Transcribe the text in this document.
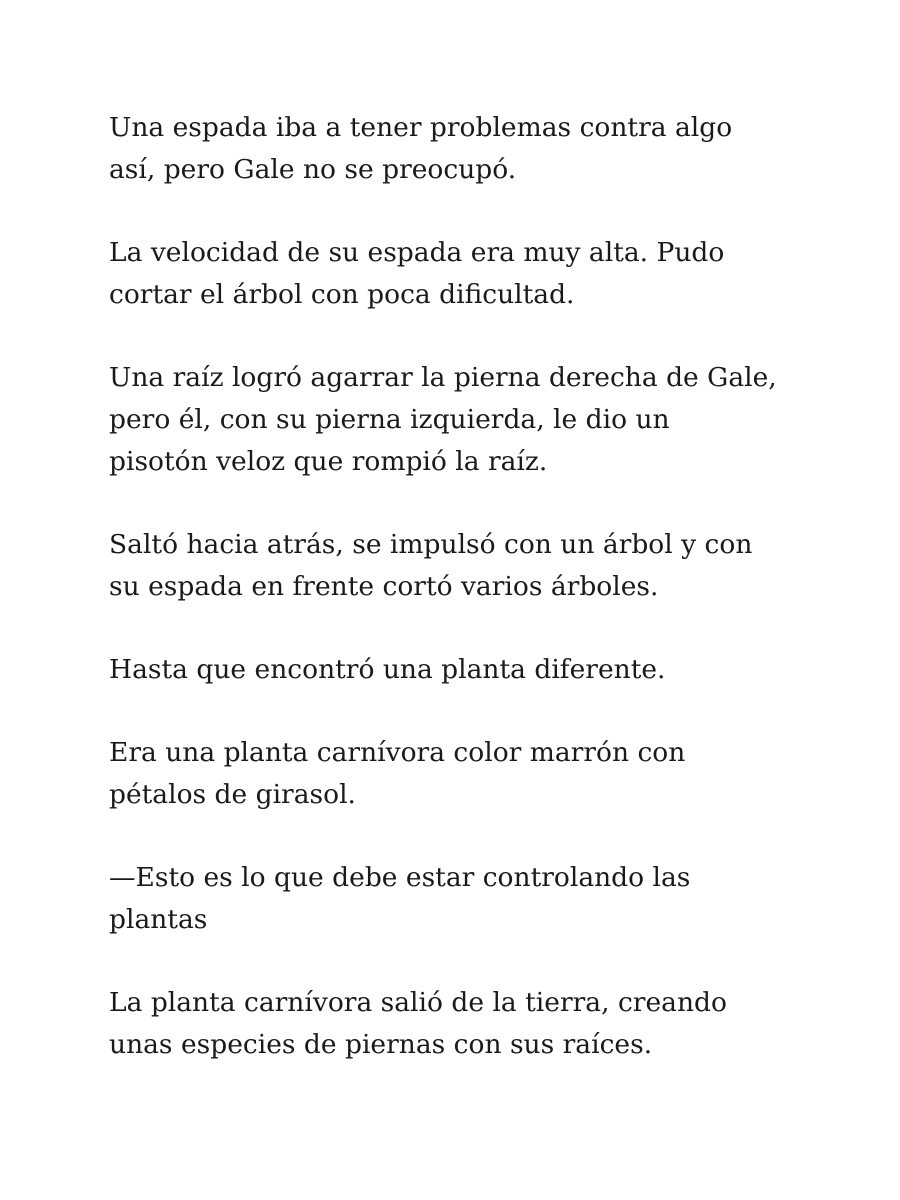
Una espada iba a tener problemas contra algo
así, pero Gale no se preocupó.

La velocidad de su espada era muy alta. Pudo
cortar el árbol con poca dificultad.

Una raíz logró agarrar la pierna derecha de Gale,
pero él, con su pierna izquierda, le dio un
pisotón veloz que rompió la raíz.

Saltó hacia atrás, se impulsó con un árbol y con
su espada en frente cortó varios árboles.

Hasta que encontró una planta diferente.

Era una planta carnívora color marrón con
pétalos de girasol.

—Esto es lo que debe estar controlando las
plantas

La planta carnívora salió de la tierra, creando
unas especies de piernas con sus raíces.
